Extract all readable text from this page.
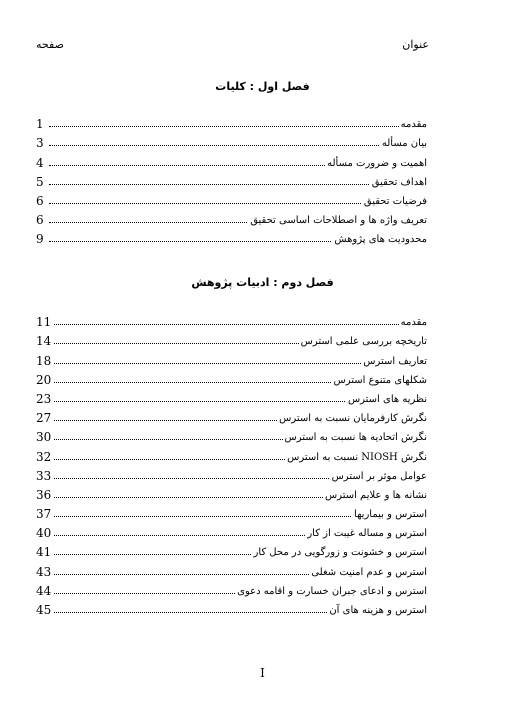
عنوان
صفحه
فصل اول : کلیات
مقدمه
1
بیان مسأله
3
اهمیت و ضرورت مسأله
4
اهداف تحقیق
5
فرضیات تحقیق
6
تعریف واژه ها و اصطلاحات اساسی تحقیق
6
محدودیت های پژوهش
9
فصل دوم : ادبیات پژوهش
مقدمه
11
تاریخچه بررسی علمی استرس
14
تعاریف استرس
18
شکلهای متنوع استرس
20
نظریه های استرس
23
نگرش کارفرمایان نسبت به استرس
27
نگرش اتحادیه ها نسبت به استرس
30
نگرش NIOSH نسبت به استرس
32
عوامل موثر بر استرس
33
نشانه ها و علایم استرس
36
استرس و بیماریها
37
استرس و مساله غیبت از کار
40
استرس و خشونت و زورگویی در محل کار
41
استرس و عدم امنیت شغلی
43
استرس و ادعای جبران خسارت و اقامه دعوی
44
استرس و هزینه های آن
45
I
